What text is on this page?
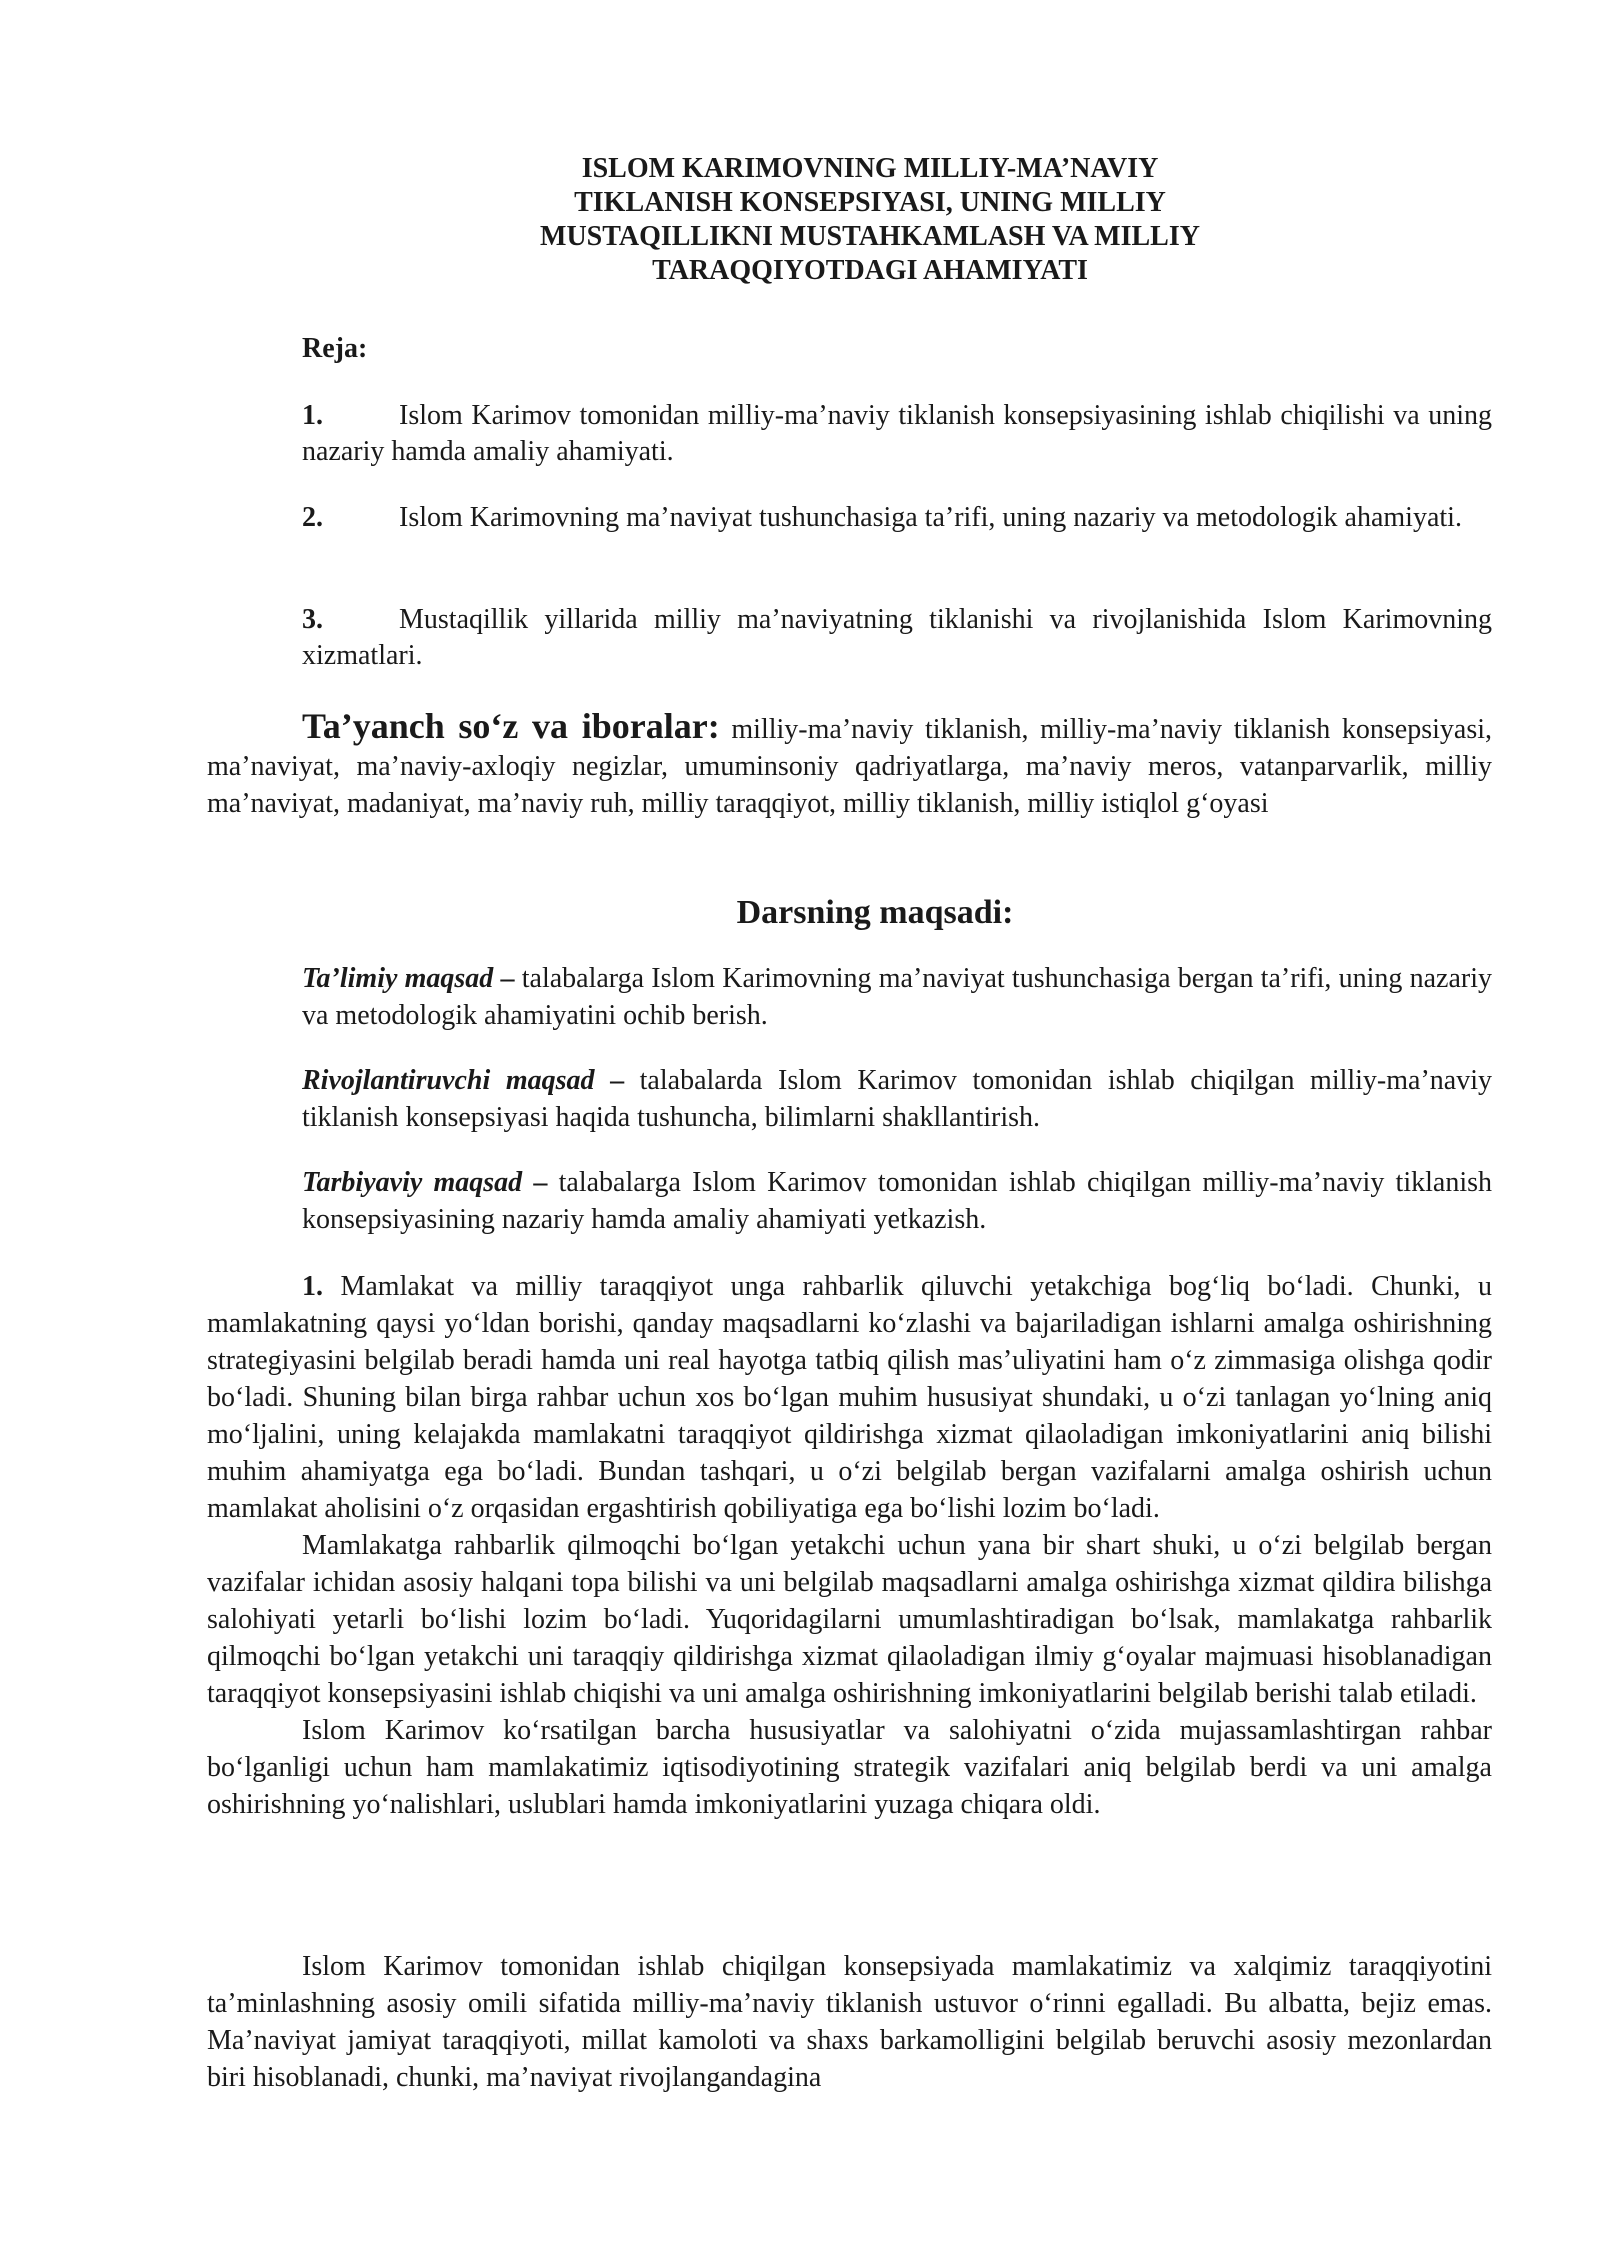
ISLOM KARIMOVNING MILLIY-MA’NAVIY
TIKLANISH KONSEPSIYASI, UNING MILLIY
MUSTAQILLIKNI MUSTAHKAMLASH VA MILLIY
TARAQQIYOTDAGI AHAMIYATI
Reja:
1.	Islom Karimov tomonidan milliy-ma’naviy tiklanish konsepsiyasining ishlab chiqilishi va uning nazariy hamda amaliy ahamiyati.
2.	Islom Karimovning ma’naviyat tushunchasiga ta’rifi, uning nazariy va metodologik ahamiyati.
3.	Mustaqillik yillarida milliy ma’naviyatning tiklanishi va rivojlanishida Islom Karimovning xizmatlari.
Ta’yanch so‘z va iboralar: milliy-ma’naviy tiklanish, milliy-ma’naviy tiklanish konsepsiyasi, ma’naviyat, ma’naviy-axloqiy negizlar, umuminsoniy qadriyatlarga, ma’naviy meros, vatanparvarlik, milliy ma’naviyat, madaniyat, ma’naviy ruh, milliy taraqqiyot, milliy tiklanish, milliy istiqlol g‘oyasi
Darsning maqsadi:
Ta’limiy maqsad – talabalarga Islom Karimovning ma’naviyat tushunchasiga bergan ta’rifi, uning nazariy va metodologik ahamiyatini ochib berish.
Rivojlantiruvchi maqsad – talabalarda Islom Karimov tomonidan ishlab chiqilgan milliy-ma’naviy tiklanish konsepsiyasi haqida tushuncha, bilimlarni shakllantirish.
Tarbiyaviy maqsad – talabalarga Islom Karimov tomonidan ishlab chiqilgan milliy-ma’naviy tiklanish konsepsiyasining nazariy hamda amaliy ahamiyati yetkazish.

1. Mamlakat va milliy taraqqiyot unga rahbarlik qiluvchi yetakchiga bog‘liq bo‘ladi. Chunki, u mamlakatning qaysi yo‘ldan borishi, qanday maqsadlarni ko‘zlashi va bajariladigan ishlarni amalga oshirishning strategiyasini belgilab beradi hamda uni real hayotga tatbiq qilish mas’uliyatini ham o‘z zimmasiga olishga qodir bo‘ladi. Shuning bilan birga rahbar uchun xos bo‘lgan muhim hususiyat shundaki, u o‘zi tanlagan yo‘lning aniq mo‘ljalini, uning kelajakda mamlakatni taraqqiyot qildirishga xizmat qilaoladigan imkoniyatlarini aniq bilishi muhim ahamiyatga ega bo‘ladi. Bundan tashqari, u o‘zi belgilab bergan vazifalarni amalga oshirish uchun mamlakat aholisini o‘z orqasidan ergashtirish qobiliyatiga ega bo‘lishi lozim bo‘ladi.

Mamlakatga rahbarlik qilmoqchi bo‘lgan yetakchi uchun yana bir shart shuki, u o‘zi belgilab bergan vazifalar ichidan asosiy halqani topa bilishi va uni belgilab maqsadlarni amalga oshirishga xizmat qildira bilishga salohiyati yetarli bo‘lishi lozim bo‘ladi. Yuqoridagilarni umumlashtiradigan bo‘lsak, mamlakatga rahbarlik qilmoqchi bo‘lgan yetakchi uni taraqqiy qildirishga xizmat qilaoladigan ilmiy g‘oyalar majmuasi hisoblanadigan taraqqiyot konsepsiyasini ishlab chiqishi va uni amalga oshirishning imkoniyatlarini belgilab berishi talab etiladi.

Islom Karimov ko‘rsatilgan barcha hususiyatlar va salohiyatni o‘zida mujassamlashtirgan rahbar bo‘lganligi uchun ham mamlakatimiz iqtisodiyotining strategik vazifalari aniq belgilab berdi va uni amalga oshirishning yo‘nalishlari, uslublari hamda imkoniyatlarini yuzaga chiqara oldi.

Islom Karimov tomonidan ishlab chiqilgan konsepsiyada mamlakatimiz va xalqimiz taraqqiyotini ta’minlashning asosiy omili sifatida milliy-ma’naviy tiklanish ustuvor o‘rinni egalladi. Bu albatta, bejiz emas. Ma’naviyat jamiyat taraqqiyoti, millat kamoloti va shaxs barkamolligini belgilab beruvchi asosiy mezonlardan biri hisoblanadi, chunki, ma’naviyat rivojlangandagina
